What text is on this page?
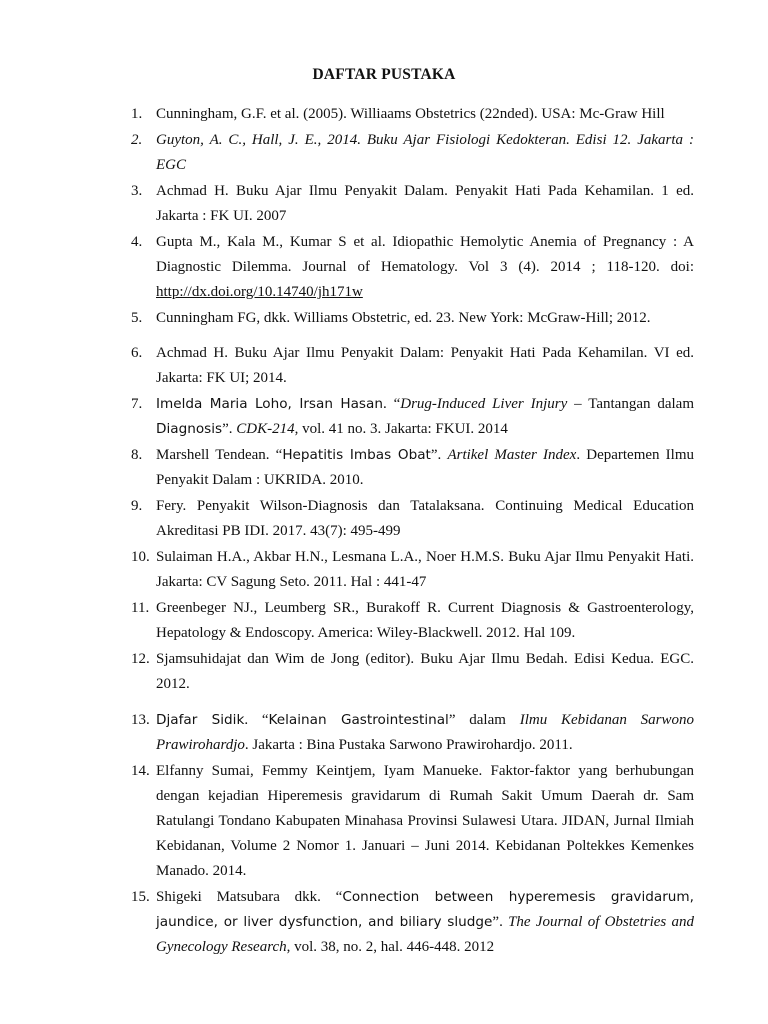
DAFTAR PUSTAKA
1. Cunningham, G.F. et al. (2005). Williaams Obstetrics (22nded). USA: Mc-Graw Hill
2. Guyton, A. C., Hall, J. E., 2014. Buku Ajar Fisiologi Kedokteran. Edisi 12. Jakarta : EGC
3. Achmad H. Buku Ajar Ilmu Penyakit Dalam. Penyakit Hati Pada Kehamilan. 1 ed. Jakarta : FK UI. 2007
4. Gupta M., Kala M., Kumar S et al. Idiopathic Hemolytic Anemia of Pregnancy : A Diagnostic Dilemma. Journal of Hematology. Vol 3 (4). 2014 ; 118-120. doi: http://dx.doi.org/10.14740/jh171w
5. Cunningham FG, dkk. Williams Obstetric, ed. 23. New York: McGraw-Hill; 2012.
6. Achmad H. Buku Ajar Ilmu Penyakit Dalam: Penyakit Hati Pada Kehamilan. VI ed. Jakarta: FK UI; 2014.
7. Imelda Maria Loho, Irsan Hasan. “Drug-Induced Liver Injury – Tantangan dalam Diagnosis”. CDK-214, vol. 41 no. 3. Jakarta: FKUI. 2014
8. Marshell Tendean. “Hepatitis Imbas Obat”. Artikel Master Index. Departemen Ilmu Penyakit Dalam : UKRIDA. 2010.
9. Fery. Penyakit Wilson-Diagnosis dan Tatalaksana. Continuing Medical Education Akreditasi PB IDI. 2017. 43(7): 495-499
10. Sulaiman H.A., Akbar H.N., Lesmana L.A., Noer H.M.S. Buku Ajar Ilmu Penyakit Hati. Jakarta: CV Sagung Seto. 2011. Hal : 441-47
11. Greenbeger NJ., Leumberg SR., Burakoff R. Current Diagnosis & Gastroenterology, Hepatology & Endoscopy. America: Wiley-Blackwell. 2012. Hal 109.
12. Sjamsuhidajat dan Wim de Jong (editor). Buku Ajar Ilmu Bedah. Edisi Kedua. EGC. 2012.
13. Djafar Sidik. “Kelainan Gastrointestinal” dalam Ilmu Kebidanan Sarwono Prawirohardjo. Jakarta : Bina Pustaka Sarwono Prawirohardjo. 2011.
14. Elfanny Sumai, Femmy Keintjem, Iyam Manueke. Faktor-faktor yang berhubungan dengan kejadian Hiperemesis gravidarum di Rumah Sakit Umum Daerah dr. Sam Ratulangi Tondano Kabupaten Minahasa Provinsi Sulawesi Utara. JIDAN, Jurnal Ilmiah Kebidanan, Volume 2 Nomor 1. Januari – Juni 2014. Kebidanan Poltekkes Kemenkes Manado. 2014.
15. Shigeki Matsubara dkk. “Connection between hyperemesis gravidarum, jaundice, or liver dysfunction, and biliary sludge”. The Journal of Obstetries and Gynecology Research, vol. 38, no. 2, hal. 446-448. 2012
